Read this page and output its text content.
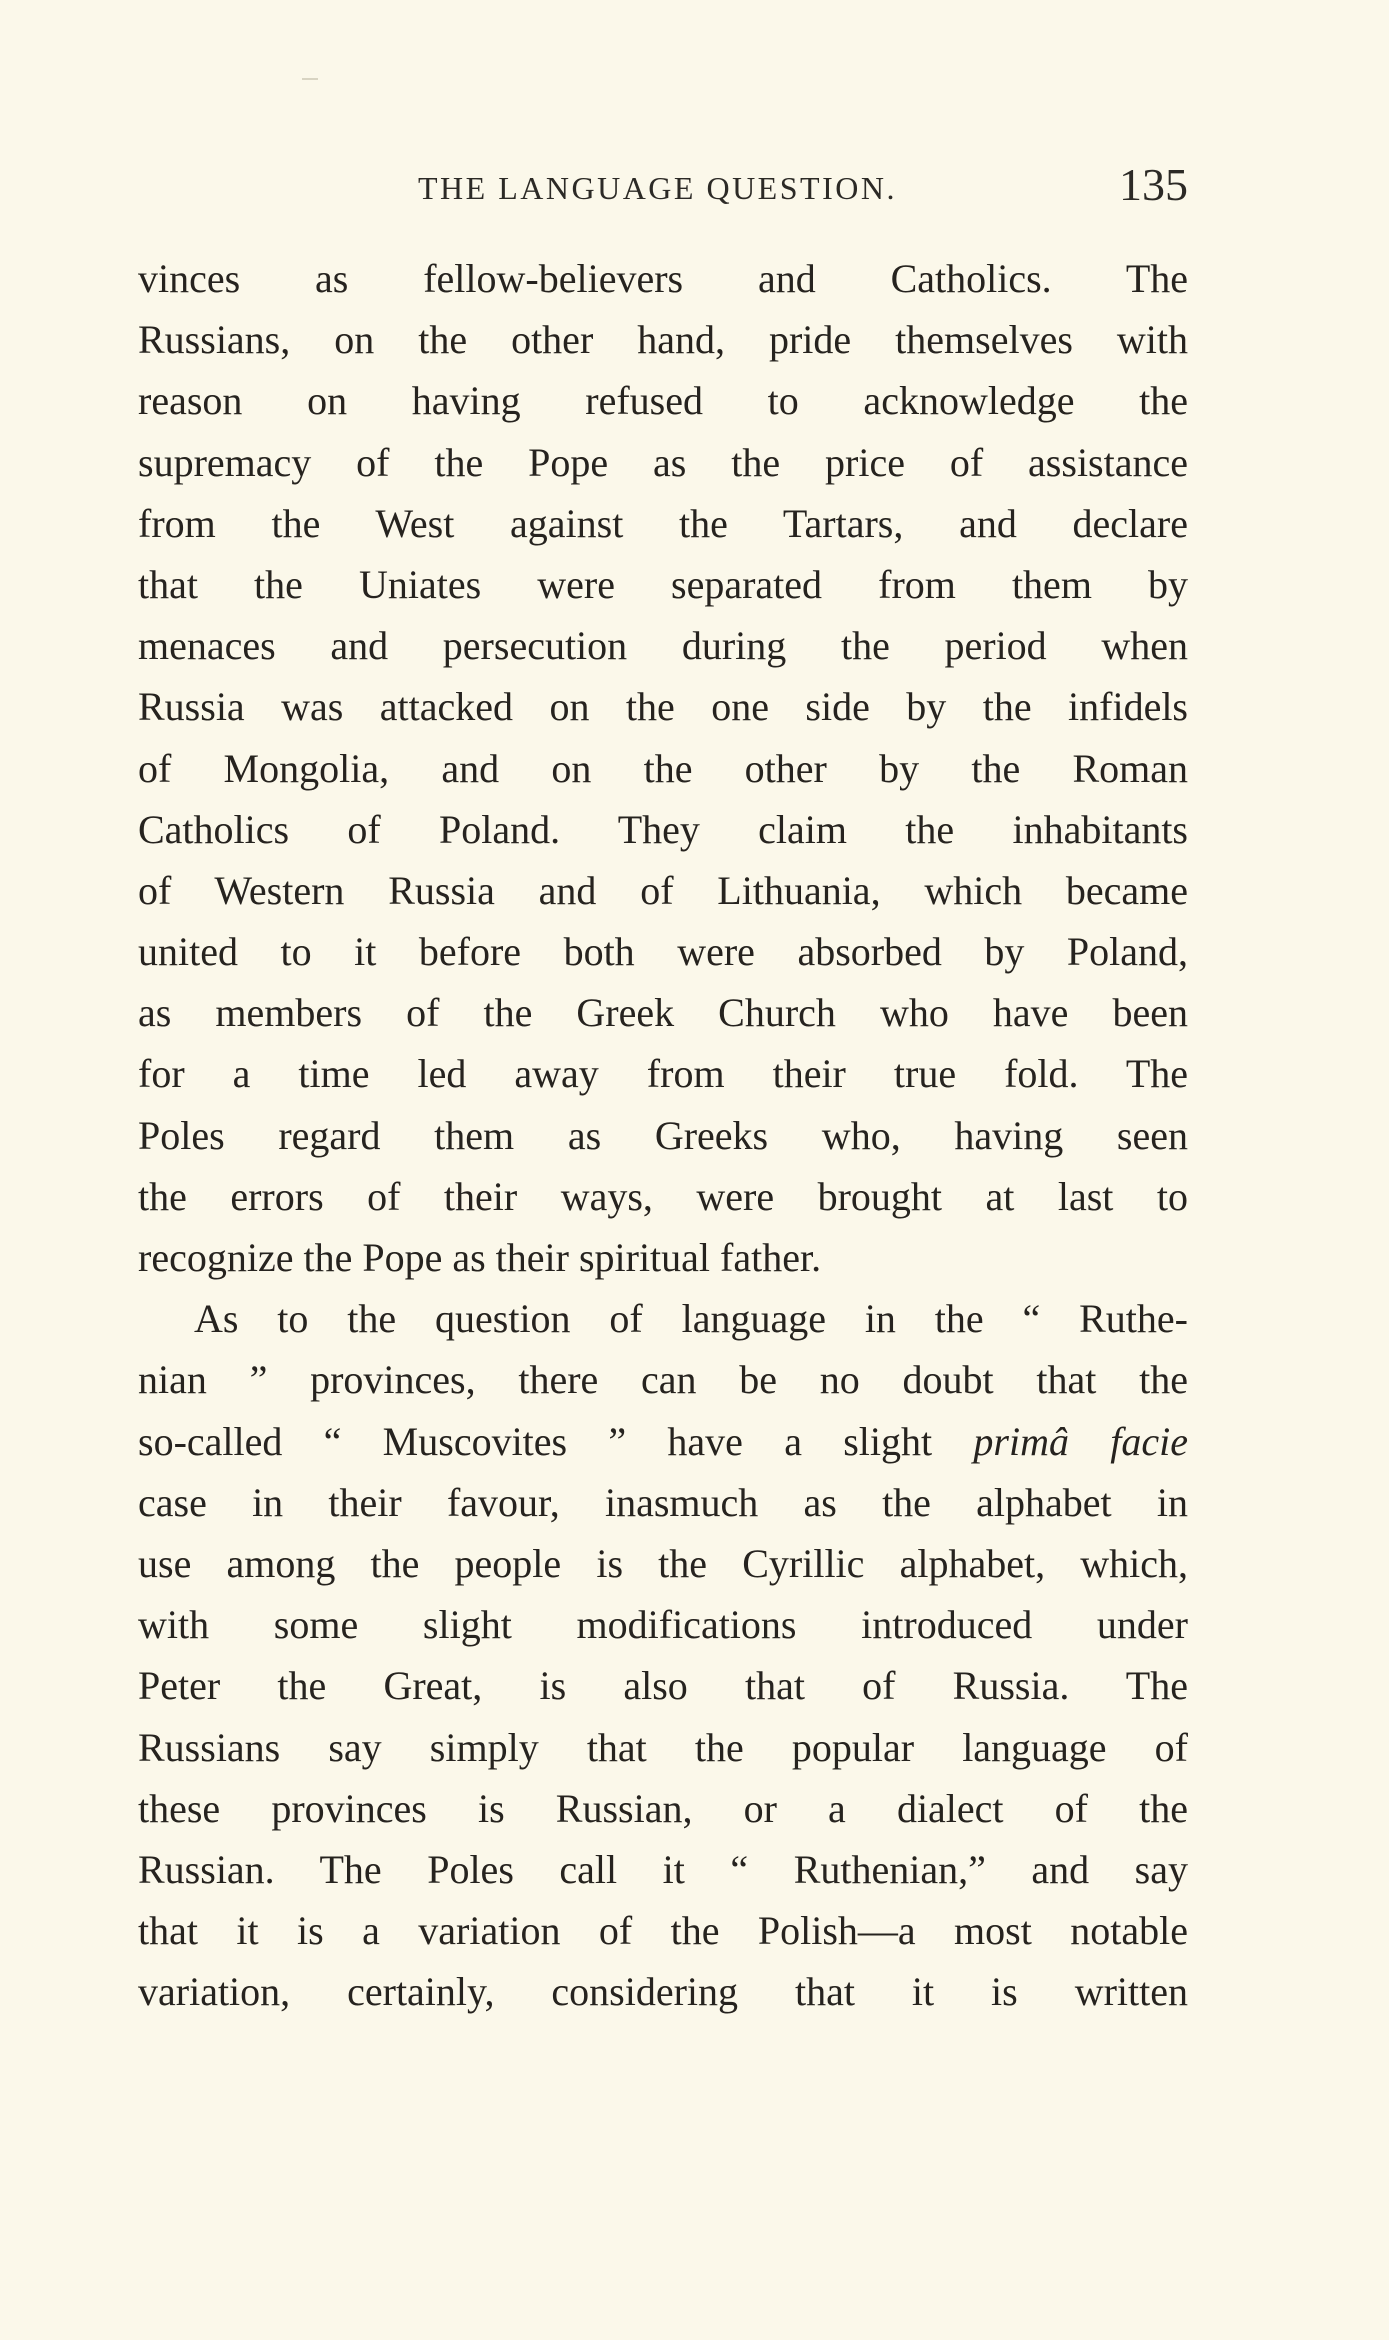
THE LANGUAGE QUESTION.	135
vinces as fellow-believers and Catholics. The
Russians, on the other hand, pride themselves with
reason on having refused to acknowledge the
supremacy of the Pope as the price of assistance
from the West against the Tartars, and declare
that the Uniates were separated from them by
menaces and persecution during the period when
Russia was attacked on the one side by the infidels
of Mongolia, and on the other by the Roman
Catholics of Poland. They claim the inhabitants
of Western Russia and of Lithuania, which became
united to it before both were absorbed by Poland,
as members of the Greek Church who have been
for a time led away from their true fold. The
Poles regard them as Greeks who, having seen
the errors of their ways, were brought at last to
recognize the Pope as their spiritual father.
As to the question of language in the “ Ruthe-
nian ” provinces, there can be no doubt that the
so-called “ Muscovites ” have a slight primâ facie
case in their favour, inasmuch as the alphabet in
use among the people is the Cyrillic alphabet, which,
with some slight modifications introduced under
Peter the Great, is also that of Russia. The
Russians say simply that the popular language of
these provinces is Russian, or a dialect of the
Russian. The Poles call it “ Ruthenian,” and say
that it is a variation of the Polish—a most notable
variation, certainly, considering that it is written
